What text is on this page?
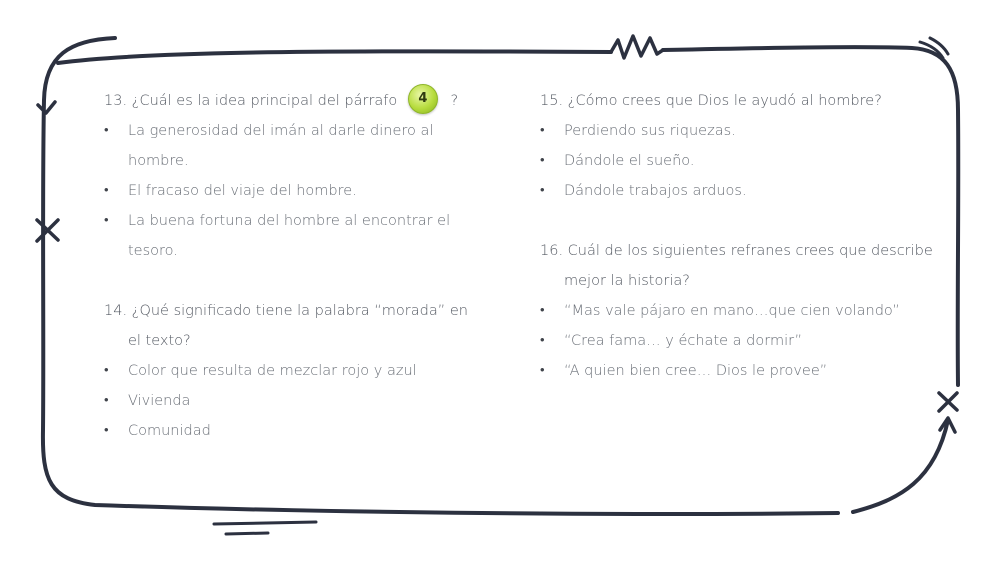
13. ¿Cuál es la idea principal del párrafo 4 ?
• La generosidad del imán al darle dinero al hombre.
• El fracaso del viaje del hombre.
• La buena fortuna del hombre al encontrar el tesoro.
14. ¿Qué significado tiene la palabra “morada” en
el texto?
• Color que resulta de mezclar rojo y azul
• Vivienda
• Comunidad
15. ¿Cómo crees que Dios le ayudó al hombre?
• Perdiendo sus riquezas.
• Dándole el sueño.
• Dándole trabajos arduos.
16. Cuál de los siguientes refranes crees que describe
mejor la historia?
• “Mas vale pájaro en mano…que cien volando”
• “Crea fama… y échate a dormir”
• “A quien bien cree… Dios le provee”
